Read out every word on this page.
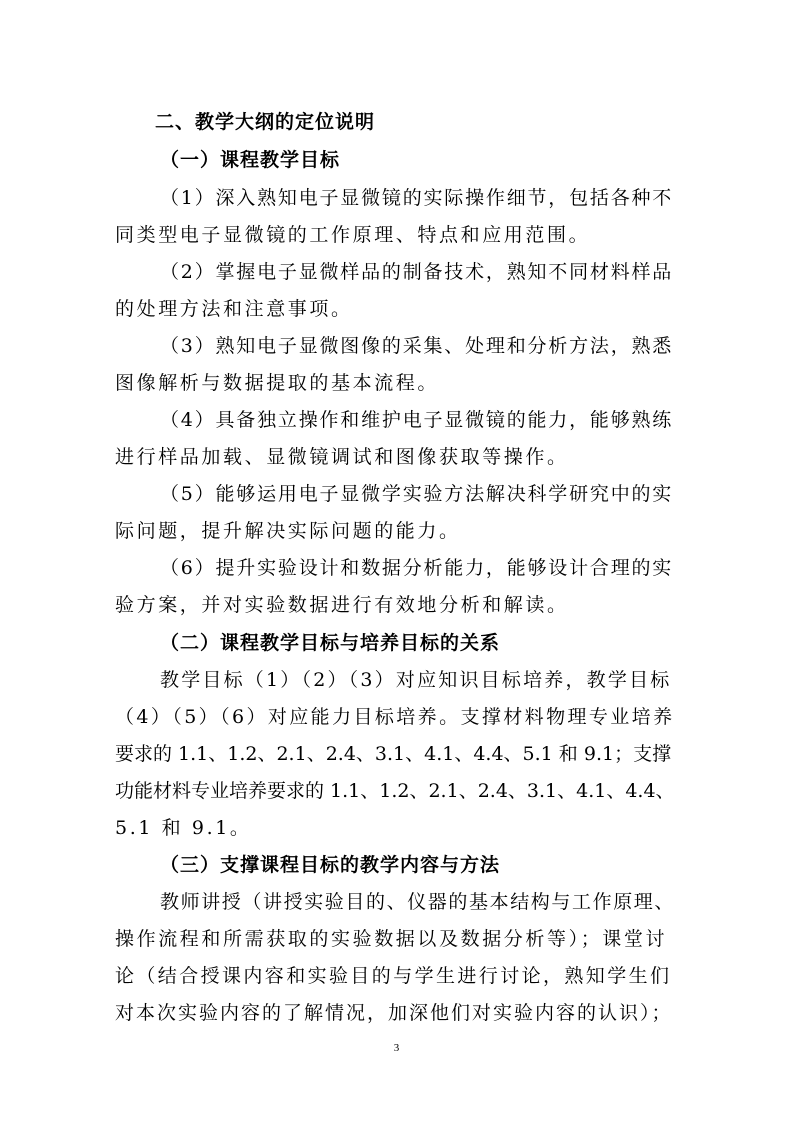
二、教学大纲的定位说明
（一）课程教学目标
（1）深入熟知电子显微镜的实际操作细节，包括各种不
同类型电子显微镜的工作原理、特点和应用范围。
（2）掌握电子显微样品的制备技术，熟知不同材料样品
的处理方法和注意事项。
（3）熟知电子显微图像的采集、处理和分析方法，熟悉
图像解析与数据提取的基本流程。
（4）具备独立操作和维护电子显微镜的能力，能够熟练
进行样品加载、显微镜调试和图像获取等操作。
（5）能够运用电子显微学实验方法解决科学研究中的实
际问题，提升解决实际问题的能力。
（6）提升实验设计和数据分析能力，能够设计合理的实
验方案，并对实验数据进行有效地分析和解读。
（二）课程教学目标与培养目标的关系
教学目标（1）（2）（3）对应知识目标培养，教学目标
（4）（5）（6）对应能力目标培养。支撑材料物理专业培养
要求的 1.1、1.2、2.1、2.4、3.1、4.1、4.4、5.1 和 9.1；支撑
功能材料专业培养要求的 1.1、1.2、2.1、2.4、3.1、4.1、4.4、
5.1 和 9.1。
（三）支撑课程目标的教学内容与方法
教师讲授（讲授实验目的、仪器的基本结构与工作原理、
操作流程和所需获取的实验数据以及数据分析等）；课堂讨
论（结合授课内容和实验目的与学生进行讨论，熟知学生们
对本次实验内容的了解情况，加深他们对实验内容的认识）；
3
